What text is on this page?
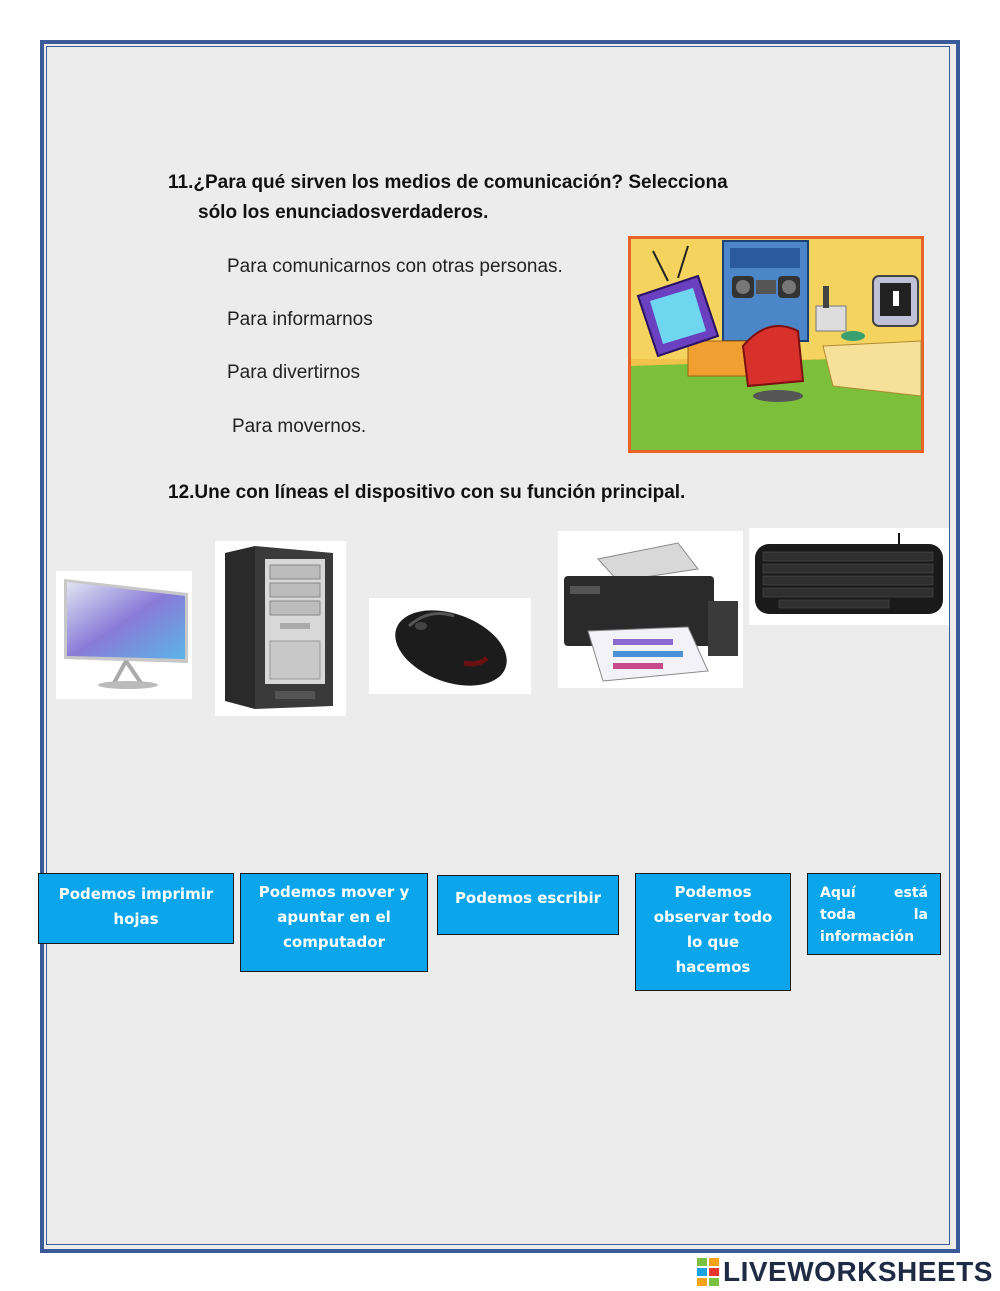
11.¿Para qué sirven los medios de comunicación? Selecciona
sólo los enunciadosverdaderos.
Para comunicarnos con otras personas.
Para informarnos
Para divertirnos
Para movernos.
12.Une con líneas el dispositivo con su función principal.
Podemos imprimir hojas
Podemos mover y apuntar en el computador
Podemos escribir	Podemos observar todo lo que hacemos
Aquí está toda la información
LIVEWORKSHEETS
